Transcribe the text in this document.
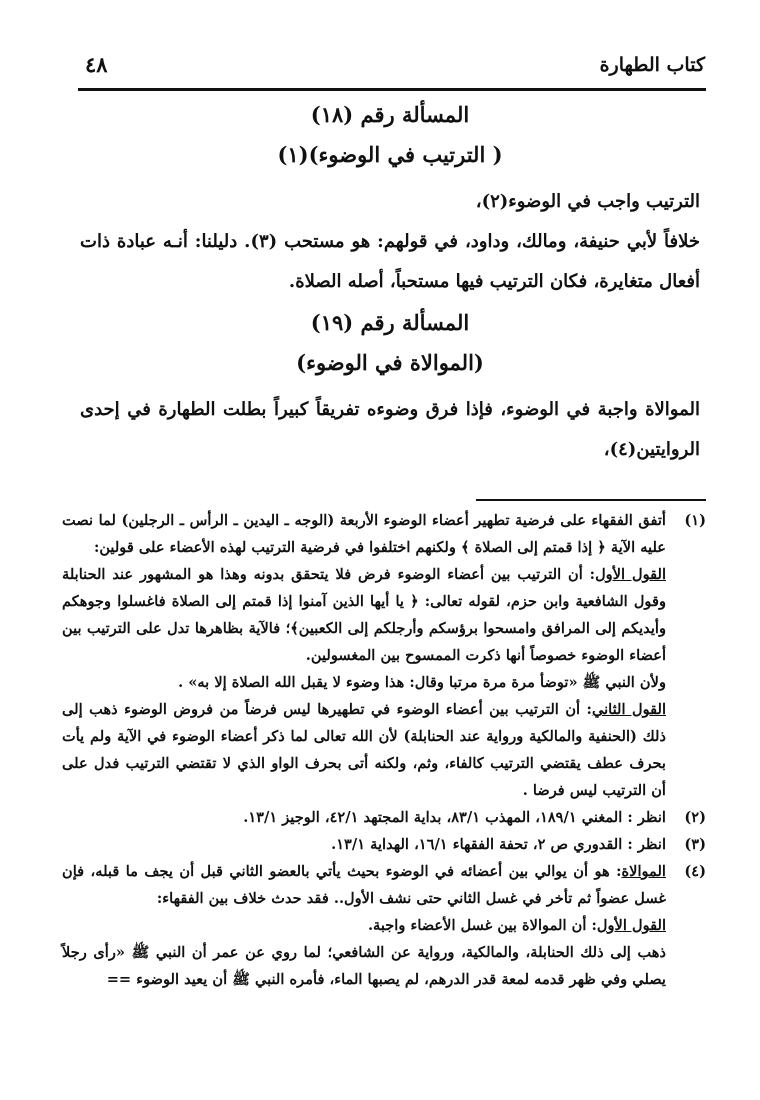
كتاب الطهارة
٤٨
المسألة رقم (١٨)
( الترتيب في الوضوء)(١)
الترتيب واجب في الوضوء(٢)،
خلافاً لأبي حنيفة، ومالك، وداود، في قولهم: هو مستحب (٣). دليلنا: أنـه عبادة ذات أفعال متغايرة، فكان الترتيب فيها مستحباً، أصله الصلاة.
المسألة رقم (١٩)
(الموالاة في الوضوء)
الموالاة واجبة في الوضوء، فإذا فرق وضوءه تفريقاً كبيراً بطلت الطهارة في إحدى الروايتين(٤)،
(١)

أتفق الفقهاء على فرضية تطهير أعضاء الوضوء الأربعة (الوجه ـ اليدين ـ الرأس ـ الرجلين) لما نصت عليه الآية ﴿ إذا قمتم إلى الصلاة ﴾ ولكنهم اختلفوا في فرضية الترتيب لهذه الأعضاء على قولين:

القول الأول: أن الترتيب بين أعضاء الوضوء فرض فلا يتحقق بدونه وهذا هو المشهور عند الحنابلة وقول الشافعية وابن حزم، لقوله تعالى: ﴿ يا أيها الذين آمنوا إذا قمتم إلى الصلاة فاغسلوا وجوهكم وأيديكم إلى المرافق وامسحوا برؤسكم وأرجلكم إلى الكعبين﴾؛ فالآية بظاهرها تدل على الترتيب بين أعضاء الوضوء خصوصاً أنها ذكرت الممسوح بين المغسولين.

ولأن النبي ﷺ «توضأ مرة مرة مرتبا وقال: هذا وضوء لا يقبل الله الصلاة إلا به» .

القول الثاني: أن الترتيب بين أعضاء الوضوء في تطهيرها ليس فرضاً من فروض الوضوء ذهب إلى ذلك (الحنفية والمالكية ورواية عند الحنابلة) لأن الله تعالى لما ذكر أعضاء الوضوء في الآية ولم يأت بحرف عطف يقتضي الترتيب كالفاء، وثم، ولكنه أتى بحرف الواو الذي لا تقتضي الترتيب فدل على أن الترتيب ليس فرضا .

(٢)

انظر : المغني ١٨٩/١، المهذب ٨٣/١، بداية المجتهد ٤٢/١، الوجيز ١٣/١.

(٣)

انظر : القدوري ص ٢، تحفة الفقهاء ١٦/١، الهداية ١٣/١.

(٤)

الموالاة: هو أن يوالي بين أعضائه في الوضوء بحيث يأتي بالعضو الثاني قبل أن يجف ما قبله، فإن غسل عضواً ثم تأخر في غسل الثاني حتى نشف الأول.. فقد حدث خلاف بين الفقهاء:

القول الأول: أن الموالاة بين غسل الأعضاء واجبة.

ذهب إلى ذلك الحنابلة، والمالكية، ورواية عن الشافعي؛ لما روي عن عمر أن النبي ﷺ «رأى رجلاً يصلي وفي ظهر قدمه لمعة قدر الدرهم، لم يصبها الماء، فأمره النبي ﷺ أن يعيد الوضوء ==
